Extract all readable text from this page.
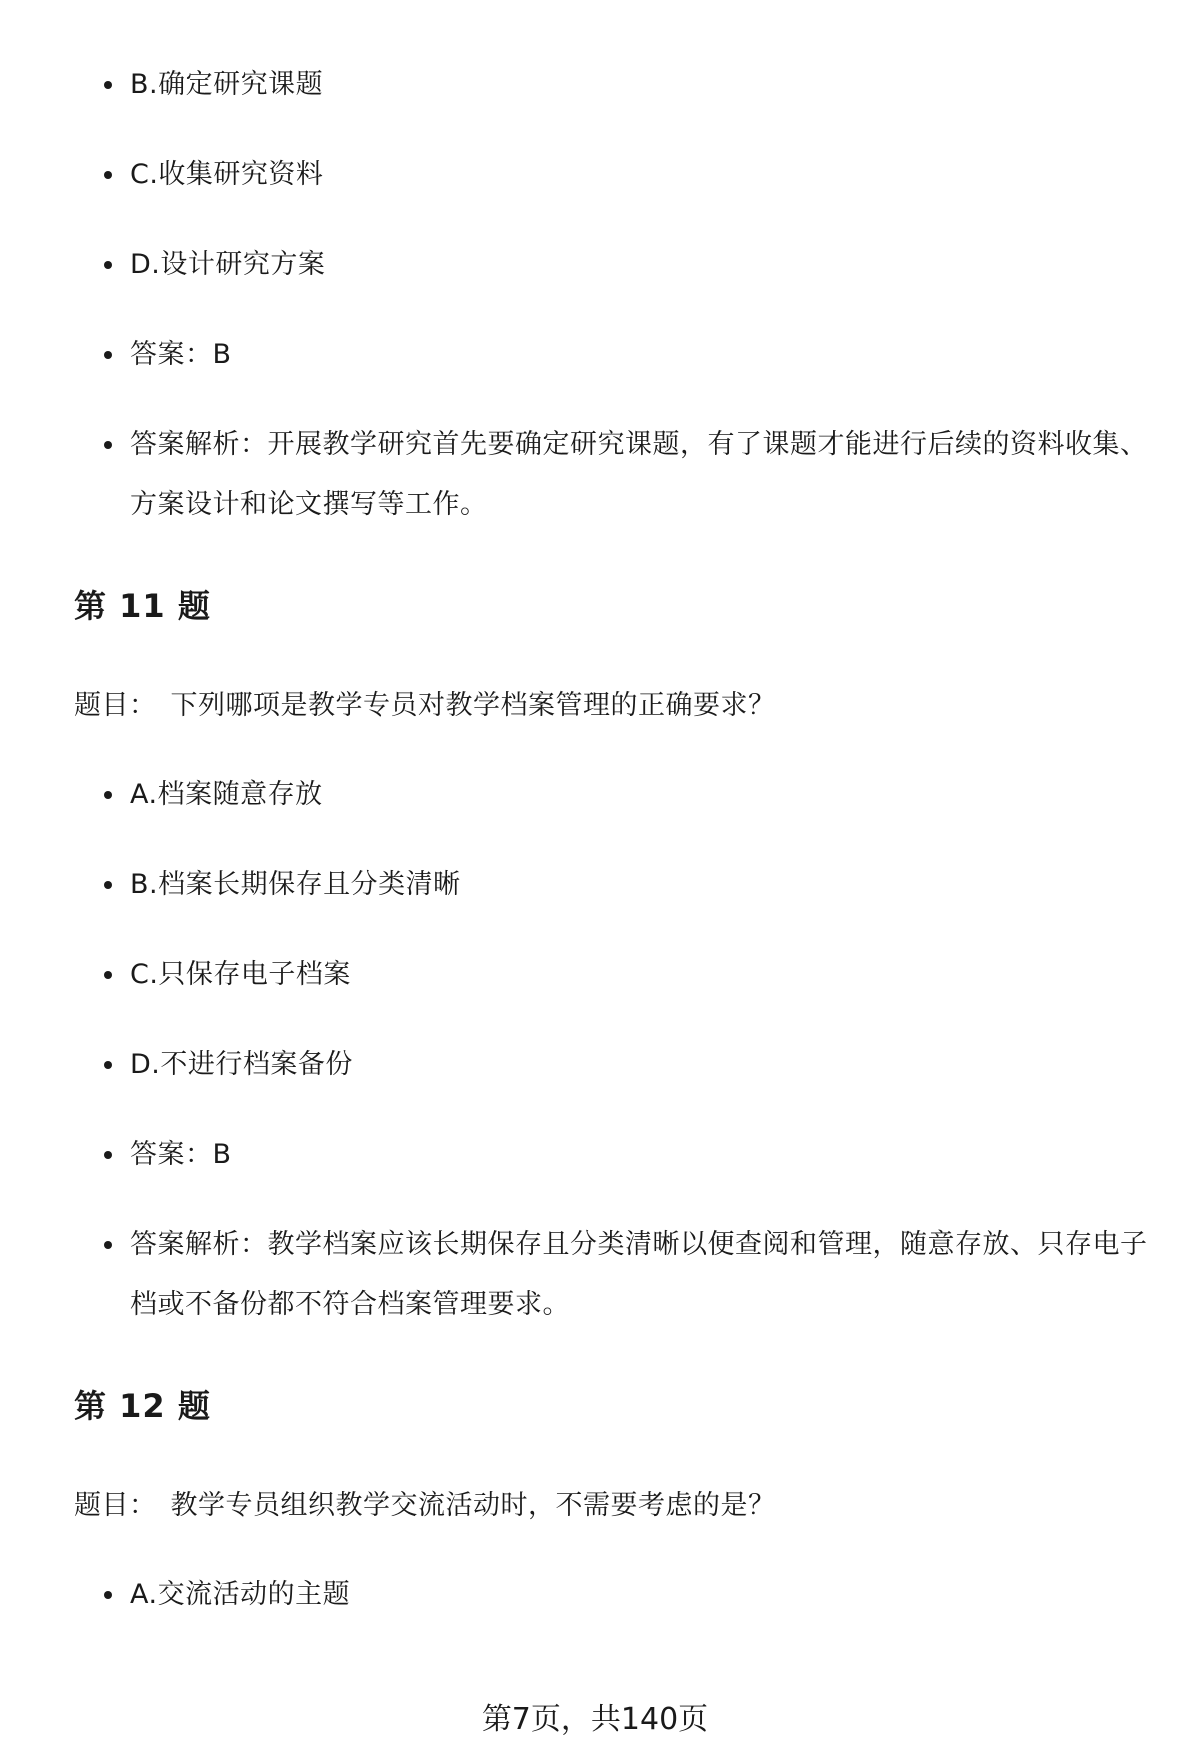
B.确定研究课题
C.收集研究资料
D.设计研究方案
答案：B
答案解析：开展教学研究首先要确定研究课题，有了课题才能进行后续的资料收集、方案设计和论文撰写等工作。
第 11 题
题目： 下列哪项是教学专员对教学档案管理的正确要求？
A.档案随意存放
B.档案长期保存且分类清晰
C.只保存电子档案
D.不进行档案备份
答案：B
答案解析：教学档案应该长期保存且分类清晰以便查阅和管理，随意存放、只存电子档或不备份都不符合档案管理要求。
第 12 题
题目： 教学专员组织教学交流活动时，不需要考虑的是？
A.交流活动的主题
第7页，共140页
